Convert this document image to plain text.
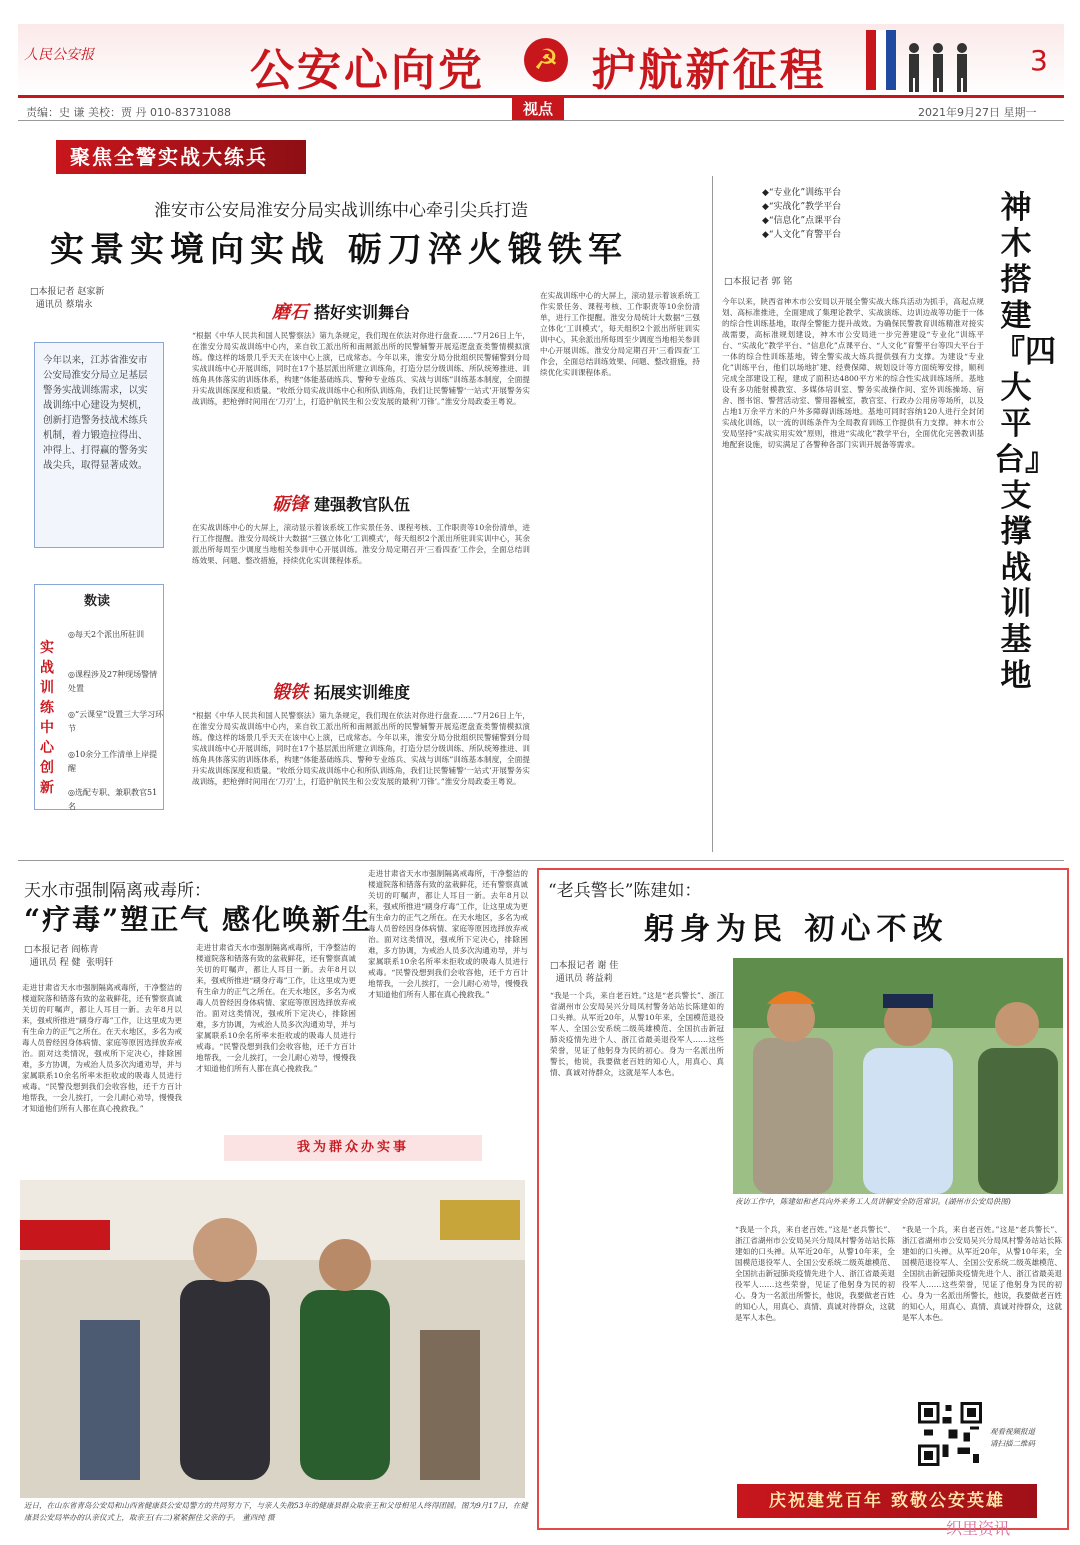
人民公安报	公安心向党 护航新征程
☭	3
责编：史 谦 美校：贾 丹 010-83731088	视点	2021年9月27日 星期一
聚焦全警实战大练兵
淮安市公安局淮安分局实战训练中心牵引尖兵打造
实景实境向实战 砺刀淬火锻铁军
□本报记者 赵家新
通讯员 蔡瑞永
今年以来，江苏省淮安市公安局淮安分局立足基层警务实战训练需求，以实战训练中心建设为契机，创新打造警务技战术练兵机制，着力锻造拉得出、冲得上、打得赢的警务实战尖兵，取得显著成效。
磨石 搭好实训舞台
砺锋 建强教官队伍
锻铁 拓展实训维度
“根据《中华人民共和国人民警察法》第九条规定，我们现在依法对你进行盘查……”7月26日上午，在淮安分局实战训练中心内，来自钦工派出所和南闸派出所的民警辅警开展巡逻盘查类警情模拟演练。像这样的场景几乎天天在该中心上演，已成常态。今年以来，淮安分局分批组织民警辅警到分局实战训练中心开展训练，同时在17个基层派出所建立训练角，打造分层分级训练、所队统筹推进、训练角具体落实的训练体系，构建“体能基础练兵、警种专业练兵、实战与训练”训练基本制度，全面提升实战训练深度和质量。“收纸分局实战训练中心和所队训练角，我们让民警辅警‘一站式’开展警务实战训练，把枪弹时间用在‘刀刃’上，打造护航民生和公安发展的最利‘刀锋’。”淮安分局政委王粤说。
在实战训练中心的大屏上，滚动显示着该系统工作实景任务、课程考核、工作职责等10余份清单，进行工作提醒。淮安分局统计大数据“三强立体化‘工训模式’，每天组织2个派出所驻训实训中心，其余派出所每周至少调度当地相关参训中心开展训练。淮安分局定期召开‘三看四查’工作会，全面总结训练效果、问题、整改措施，持续优化实训课程体系。
“根据《中华人民共和国人民警察法》第九条规定，我们现在依法对你进行盘查……”7月26日上午，在淮安分局实战训练中心内，来自钦工派出所和南闸派出所的民警辅警开展巡逻盘查类警情模拟演练。像这样的场景几乎天天在该中心上演，已成常态。今年以来，淮安分局分批组织民警辅警到分局实战训练中心开展训练，同时在17个基层派出所建立训练角，打造分层分级训练、所队统筹推进、训练角具体落实的训练体系，构建“体能基础练兵、警种专业练兵、实战与训练”训练基本制度，全面提升实战训练深度和质量。“收纸分局实战训练中心和所队训练角，我们让民警辅警‘一站式’开展警务实战训练，把枪弹时间用在‘刀刃’上，打造护航民生和公安发展的最利‘刀锋’。”淮安分局政委王粤说。
在实战训练中心的大屏上，滚动显示着该系统工作实景任务、课程考核、工作职责等10余份清单，进行工作提醒。淮安分局统计大数据“三强立体化‘工训模式’，每天组织2个派出所驻训实训中心，其余派出所每周至少调度当地相关参训中心开展训练。淮安分局定期召开‘三看四查’工作会，全面总结训练效果、问题、整改措施，持续优化实训课程体系。
数读
实战训练中心创新
◎每天2个派出所驻训
◎课程涉及27种现场警情处置
◎“云课堂”设置三大学习环节
◎10余分工作清单上岸提醒
◎选配专职、兼职教官51名
◆“专业化”训练平台
◆“实战化”教学平台
◆“信息化”点课平台
◆“人文化”育警平台
神木搭建『四大平台』支撑战训基地
□本报记者 郭 铭
今年以来，陕西省神木市公安局以开展全警实战大练兵活动为抓手，高起点规划、高标准推进，全面建成了集理论教学、实战演练、边训边战等功能于一体的综合性训练基地，取得全警能力提升战效。为确保民警教育训练精准对接实战需要，高标准规划建设，神木市公安局进一步完善建设“专业化”训练平台、“实战化”教学平台、“信息化”点课平台、“人文化”育警平台等四大平台于一体的综合性训练基地，铸全警实战大练兵提供强有力支撑。为建设“专业化”训练平台，他们以场地扩建、经费保障、规划设计等方面统筹安排，顺利完成全部建设工程，建成了面积达4800平方米的综合性实战训练场所。基地设有多功能射模教室、多媒体培训室、警务实战操作间、室外训练操场、宿舍、图书馆、警营活动室、警用器械室，教官室、行政办公用房等场所，以及占地1万余平方米的户外多障碍训练场地。基地可同时容纳120人进行全封闭实战化训练，以一流的训练条件为全局教育训练工作提供有力支撑。神木市公安局坚持“实战实用实效”原则，推进“实战化”教学平台，全面优化完善教训基地配套设施，切实满足了各警种各部门实训开展备等需求。
天水市强制隔离戒毒所：
“疗毒”塑正气 感化唤新生
□本报记者 阎栋青
通讯员 程 健  张明轩
走进甘肃省天水市强制隔离戒毒所，干净整洁的楼道院落和错落有致的盆栽鲜花，还有警察真诚关切的叮嘱声，都让人耳目一新。去年8月以来，强戒所推进“刷身疗毒”工作，让这里成为更有生命力的正气之所在。在天水地区，多名为戒毒人员曾经因身体病情、家庭等原因选择放弃戒治。面对这类情况，强戒所下定决心，排除困难，多方协调，为戒治人员多次沟通劝导，并与家属联系10余名所率未拒收或的吸毒人员进行戒毒。“民警没想到我们会收容他，还千方百计地帮我，一会儿挨打，一会儿耐心劝导，慢慢我才知道他们所有人都在真心挽救我。”
走进甘肃省天水市强制隔离戒毒所，干净整洁的楼道院落和错落有致的盆栽鲜花，还有警察真诚关切的叮嘱声，都让人耳目一新。去年8月以来，强戒所推进“刷身疗毒”工作，让这里成为更有生命力的正气之所在。在天水地区，多名为戒毒人员曾经因身体病情、家庭等原因选择放弃戒治。面对这类情况，强戒所下定决心，排除困难，多方协调，为戒治人员多次沟通劝导，并与家属联系10余名所率未拒收或的吸毒人员进行戒毒。“民警没想到我们会收容他，还千方百计地帮我，一会儿挨打，一会儿耐心劝导，慢慢我才知道他们所有人都在真心挽救我。”
走进甘肃省天水市强制隔离戒毒所，干净整洁的楼道院落和错落有致的盆栽鲜花，还有警察真诚关切的叮嘱声，都让人耳目一新。去年8月以来，强戒所推进“刷身疗毒”工作，让这里成为更有生命力的正气之所在。在天水地区，多名为戒毒人员曾经因身体病情、家庭等原因选择放弃戒治。面对这类情况，强戒所下定决心，排除困难，多方协调，为戒治人员多次沟通劝导，并与家属联系10余名所率未拒收或的吸毒人员进行戒毒。“民警没想到我们会收容他，还千方百计地帮我，一会儿挨打，一会儿耐心劝导，慢慢我才知道他们所有人都在真心挽救我。”
我为群众办实事
近日，在山东省青岛公安局和山西省健康县公安局警方的共同努力下，与亲人失散53年的健康县群众取亲王和父母相见人终得团圆。图为9月17日，在健康县公安局举办的认亲仪式上，取亲王(右二)紧紧握住父亲的手。 董西纯 摄
“老兵警长”陈建如：
躬身为民 初心不改
□本报记者 谢 佳
通讯员 蒋益莉
“我是一个兵，来自老百姓。”这是“老兵警长”、浙江省湖州市公安局吴兴分局凤村警务站站长陈建如的口头禅。从军近20年，从警10年来，全国模范退役军人、全国公安系统二级英雄模范、全国抗击新冠肺炎疫情先进个人、浙江省最美退役军人……这些荣誉，见证了他躬身为民的初心。身为一名派出所警长，他说，我要做老百姓的知心人，用真心、真情、真诚对待群众，这就是军人本色。
夜访工作中，陈建如和老兵向外来务工人员讲解安全防范常识。(湖州市公安局供图)
“我是一个兵，来自老百姓。”这是“老兵警长”、浙江省湖州市公安局吴兴分局凤村警务站站长陈建如的口头禅。从军近20年，从警10年来，全国模范退役军人、全国公安系统二级英雄模范、全国抗击新冠肺炎疫情先进个人、浙江省最美退役军人……这些荣誉，见证了他躬身为民的初心。身为一名派出所警长，他说，我要做老百姓的知心人，用真心、真情、真诚对待群众，这就是军人本色。
“我是一个兵，来自老百姓。”这是“老兵警长”、浙江省湖州市公安局吴兴分局凤村警务站站长陈建如的口头禅。从军近20年，从警10年来，全国模范退役军人、全国公安系统二级英雄模范、全国抗击新冠肺炎疫情先进个人、浙江省最美退役军人……这些荣誉，见证了他躬身为民的初心。身为一名派出所警长，他说，我要做老百姓的知心人，用真心、真情、真诚对待群众，这就是军人本色。
观看视频报道
请扫描二维码
庆祝建党百年 致敬公安英雄
织里资讯
